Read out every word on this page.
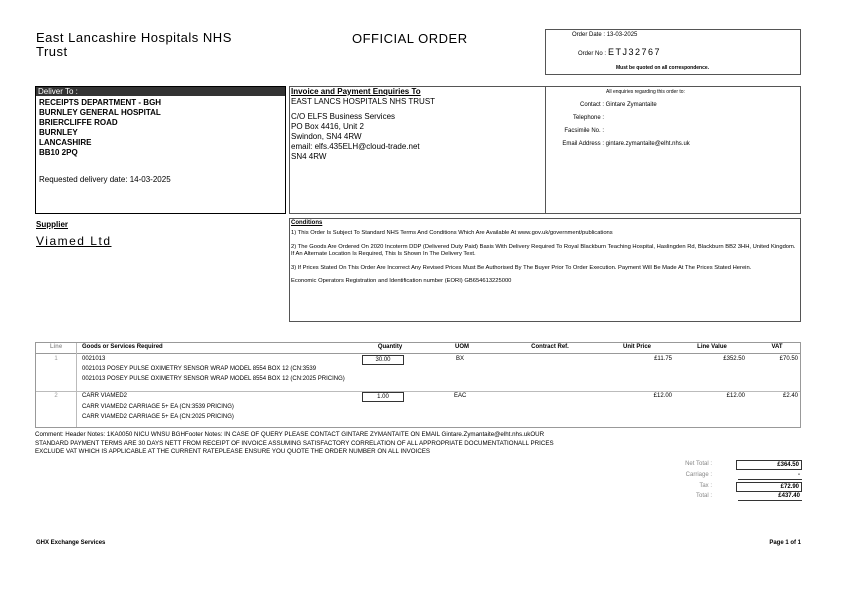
East Lancashire Hospitals NHS
Trust
OFFICIAL ORDER	Order Date : 13-03-2025
Order No : ETJ32767
Must be quoted on all correspondence.
Deliver To :
RECEIPTS DEPARTMENT - BGH
BURNLEY GENERAL HOSPITAL
BRIERCLIFFE ROAD
BURNLEY
LANCASHIRE
BB10 2PQ
Requested delivery date: 14-03-2025
Invoice and Payment Enquiries To
EAST LANCS HOSPITALS NHS TRUST
C/O ELFS Business Services
PO Box 4416, Unit 2
Swindon, SN4 4RW
email: elfs.435ELH@cloud-trade.net
SN4 4RW
All enquiries regarding this order to:
Contact : Gintare Zymantaite
Telephone :
Facsimile No. :
Email Address : gintare.zymantaite@elht.nhs.uk
Supplier
Viamed Ltd
Conditions
1) This Order Is Subject To Standard NHS Terms And Conditions Which Are Available At www.gov.uk/government/publications
2) The Goods Are Ordered On 2020 Incoterm DDP (Delivered Duty Paid) Basis With Delivery Required To Royal Blackburn Teaching Hospital, Haslingden Rd, Blackburn BB2 3HH, United Kingdom. If An Alternate Location Is Required, This Is Shown In The Delivery Text.
3) If Prices Stated On This Order Are Incorrect Any Revised Prices Must Be Authorised By The Buyer Prior To Order Execution. Payment Will Be Made At The Prices Stated Herein.
Economic Operators Registration and Identification number (EORI) GB654613225000
Line	Goods or Services Required	Quantity	UOM	Contract Ref.	Unit Price	Line Value	VAT
1	0021013
0021013 POSEY PULSE OXIMETRY SENSOR WRAP MODEL 8554 BOX 12 (CN:3539
0021013 POSEY PULSE OXIMETRY SENSOR WRAP MODEL 8554 BOX 12 (CN:2025 PRICING)
30.00	BX	£11.75	£352.50	£70.50
2	CARR VIAMED2
CARR VIAMED2 CARRIAGE 5+ EA (CN:3539 PRICING)
CARR VIAMED2 CARRIAGE 5+ EA (CN:2025 PRICING)
1.00	EAC	£12.00	£12.00	£2.40
Comment: Header Notes: 1KA0050 NICU WNSU BGHFooter Notes: IN CASE OF QUERY PLEASE CONTACT GINTARE ZYMANTAITE ON EMAIL Gintare.Zymantaite@elht.nhs.ukOUR
STANDARD PAYMENT TERMS ARE 30 DAYS NETT FROM RECEIPT OF INVOICE ASSUMING SATISFACTORY CORRELATION OF ALL APPROPRIATE DOCUMENTATIONALL PRICES
EXCLUDE VAT WHICH IS APPLICABLE AT THE CURRENT RATEPLEASE ENSURE YOU QUOTE THE ORDER NUMBER ON ALL INVOICES
Net Total :	£364.50
Carriage :	-
Tax :	£72.90
Total :	£437.40
GHX Exchange Services	Page 1 of 1
